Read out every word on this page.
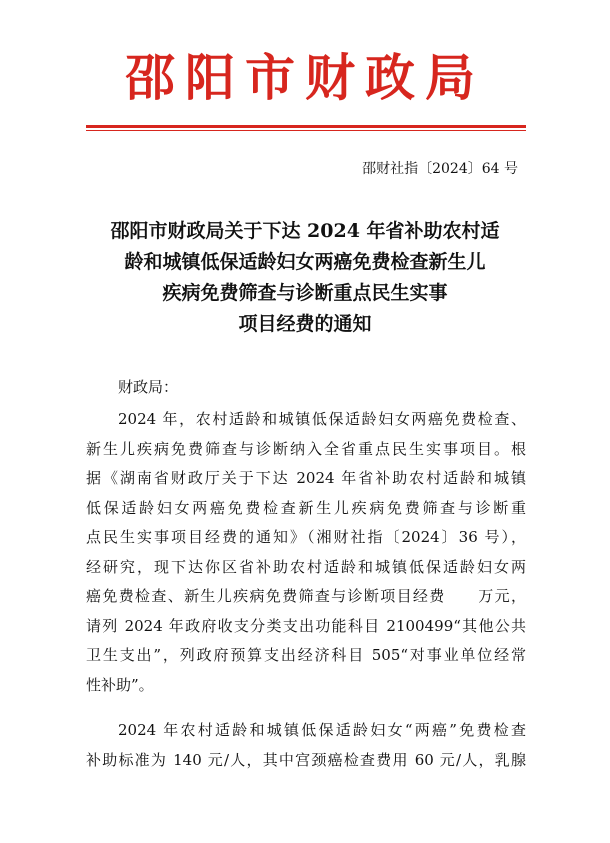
邵阳市财政局
邵财社指〔2024〕64 号
邵阳市财政局关于下达 2024 年省补助农村适
龄和城镇低保适龄妇女两癌免费检查新生儿
疾病免费筛查与诊断重点民生实事
项目经费的通知
财政局：
2024 年，农村适龄和城镇低保适龄妇女两癌免费检查、
新生儿疾病免费筛查与诊断纳入全省重点民生实事项目。根
据《湖南省财政厅关于下达 2024 年省补助农村适龄和城镇
低保适龄妇女两癌免费检查新生儿疾病免费筛查与诊断重
点民生实事项目经费的通知》（湘财社指〔2024〕36 号），
经研究，现下达你区省补助农村适龄和城镇低保适龄妇女两
癌免费检查、新生儿疾病免费筛查与诊断项目经费　　万元，
请列 2024 年政府收支分类支出功能科目 2100499“其他公共
卫生支出”，列政府预算支出经济科目 505“对事业单位经常
性补助”。
2024 年农村适龄和城镇低保适龄妇女“两癌”免费检查
补助标准为 140 元/人，其中宫颈癌检查费用 60 元/人，乳腺
